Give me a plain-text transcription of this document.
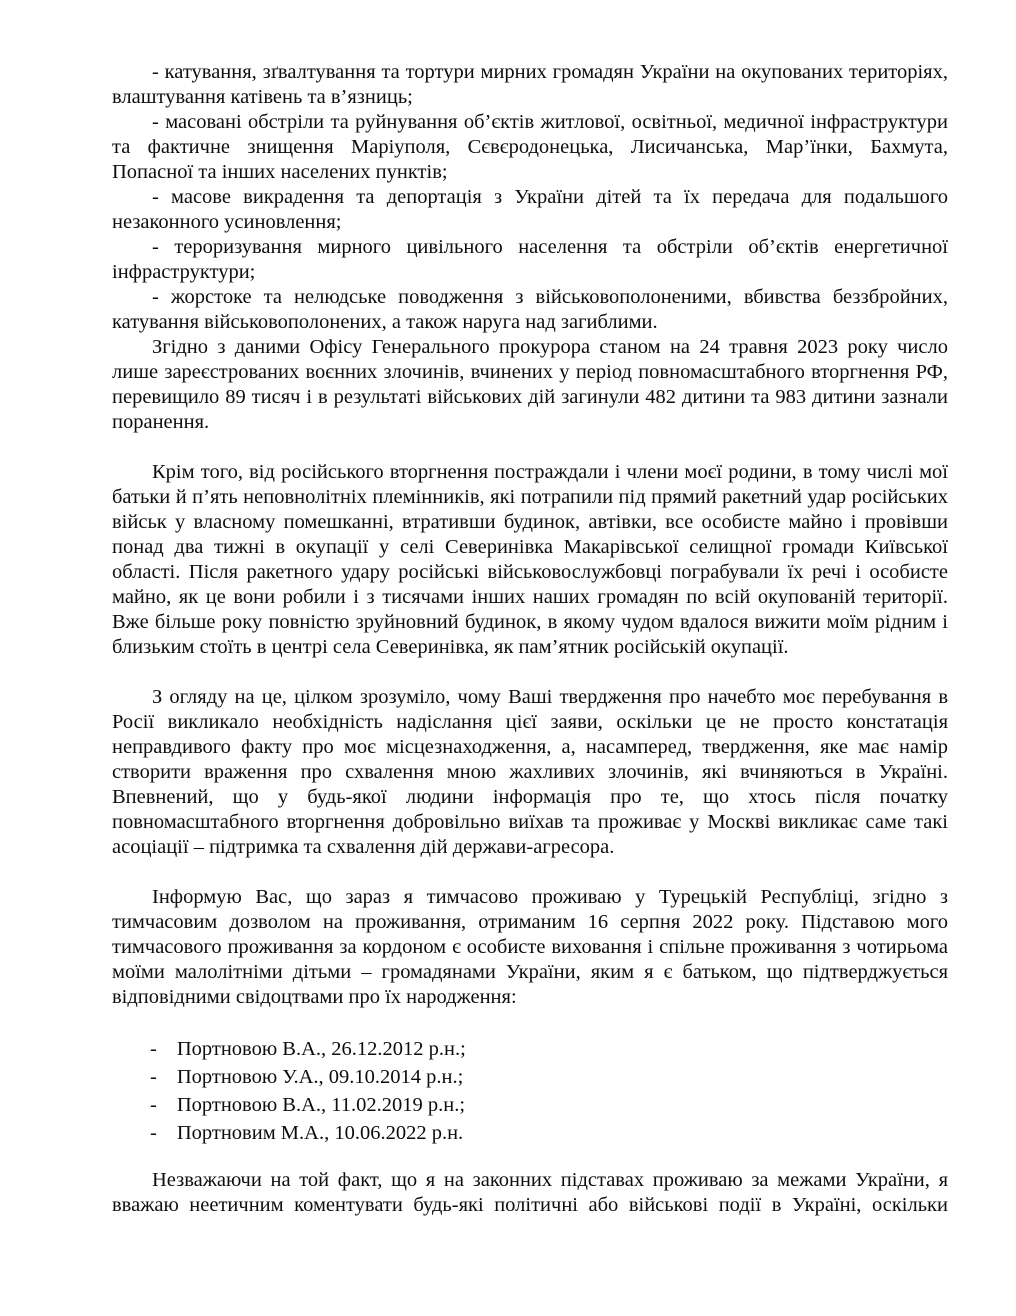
- катування, зґвалтування та тортури мирних громадян України на окупованих територіях, влаштування катівень та в’язниць;

- масовані обстріли та руйнування об’єктів житлової, освітньої, медичної інфраструктури та фактичне знищення Маріуполя, Сєвєродонецька, Лисичанська, Мар’їнки, Бахмута, Попасної та інших населених пунктів;

- масове викрадення та депортація з України дітей та їх передача для подальшого незаконного усиновлення;

- тероризування мирного цивільного населення та обстріли об’єктів енергетичної інфраструктури;

- жорстоке та нелюдське поводження з військовополоненими, вбивства беззбройних, катування військовополонених, а також наруга над загиблими.

Згідно з даними Офісу Генерального прокурора станом на 24 травня 2023 року число лише зареєстрованих воєнних злочинів, вчинених у період повномасштабного вторгнення РФ, перевищило 89 тисяч і в результаті військових дій загинули 482 дитини та 983 дитини зазнали поранення.

Крім того, від російського вторгнення постраждали і члени моєї родини, в тому числі мої батьки й п’ять неповнолітніх племінників, які потрапили під прямий ракетний удар російських військ у власному помешканні, втративши будинок, автівки, все особисте майно і провівши понад два тижні в окупації у селі Северинівка Макарівської селищної громади Київської області. Після ракетного удару російські військовослужбовці пограбували їх речі і особисте майно, як це вони робили і з тисячами інших наших громадян по всій окупованій території. Вже більше року повністю зруйновний будинок, в якому чудом вдалося вижити моїм рідним і близьким стоїть в центрі села Северинівка, як пам’ятник російській окупації.

З огляду на це, цілком зрозуміло, чому Ваші твердження про начебто моє перебування в Росії викликало необхідність надіслання цієї заяви, оскільки це не просто констатація неправдивого факту про моє місцезнаходження, а, насамперед, твердження, яке має намір створити враження про схвалення мною жахливих злочинів, які вчиняються в Україні. Впевнений, що у будь-якої людини інформація про те, що хтось після початку повномасштабного вторгнення добровільно виїхав та проживає у Москві викликає саме такі асоціації – підтримка та схвалення дій держави-агресора.

Інформую Вас, що зараз я тимчасово проживаю у Турецькій Республіці, згідно з тимчасовим дозволом на проживання, отриманим 16 серпня 2022 року. Підставою мого тимчасового проживання за кордоном є особисте виховання і спільне проживання з чотирьома моїми малолітніми дітьми – громадянами України, яким я є батьком, що підтверджується відповідними свідоцтвами про їх народження:

- Портновою В.А., 26.12.2012 р.н.;
- Портновою У.А., 09.10.2014 р.н.;
- Портновою В.А., 11.02.2019 р.н.;
- Портновим М.А., 10.06.2022 р.н.

Незважаючи на той факт, що я на законних підставах проживаю за межами України, я вважаю неетичним коментувати будь-які політичні або військові події в Україні, оскільки
